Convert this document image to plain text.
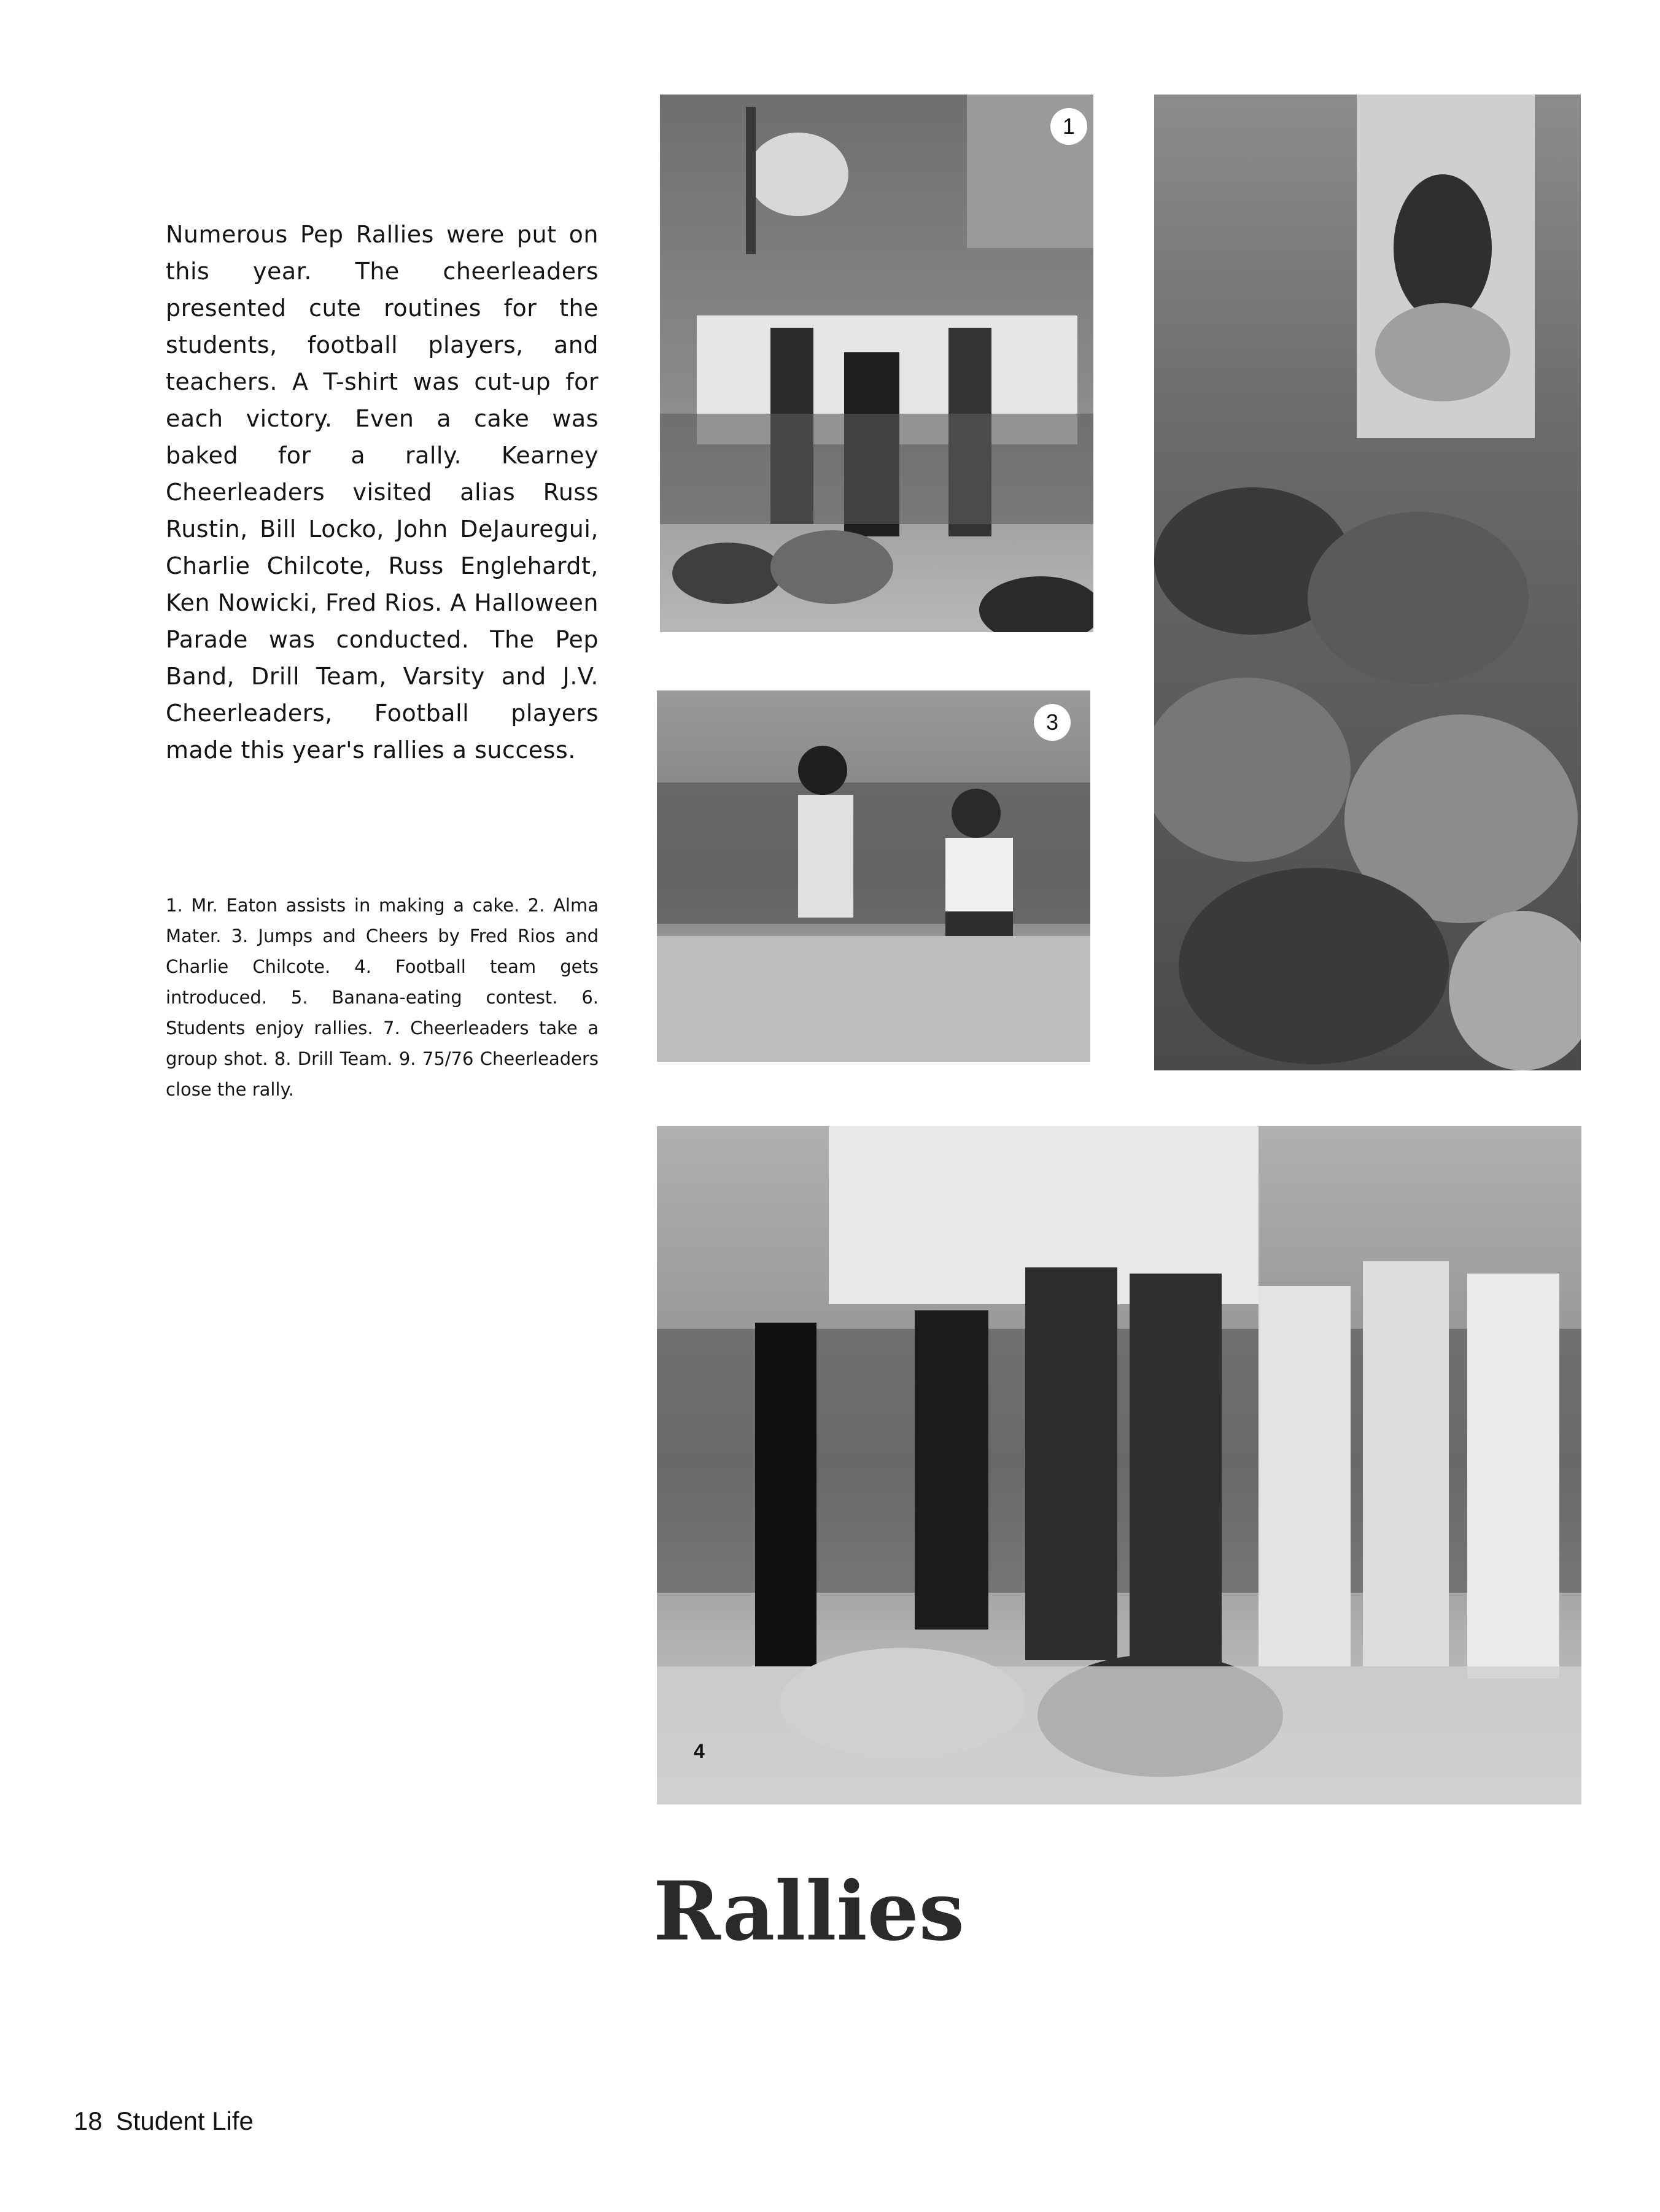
Numerous Pep Rallies were put on this year. The cheerleaders presented cute routines for the students, football players, and teachers. A T-shirt was cut-up for each victory. Even a cake was baked for a rally. Kearney Cheerleaders visited alias Russ Rustin, Bill Locko, John DeJauregui, Charlie Chilcote, Russ Englehardt, Ken Nowicki, Fred Rios. A Halloween Parade was conducted. The Pep Band, Drill Team, Varsity and J.V. Cheerleaders, Football players made this year's rallies a success.

1
3

1. Mr. Eaton assists in making a cake. 2. Alma Mater. 3. Jumps and Cheers by Fred Rios and Charlie Chilcote. 4. Football team gets introduced. 5. Banana-eating contest. 6. Students enjoy rallies. 7. Cheerleaders take a group shot. 8. Drill Team. 9. 75/76 Cheerleaders close the rally.

4
Rallies
18 Student Life
